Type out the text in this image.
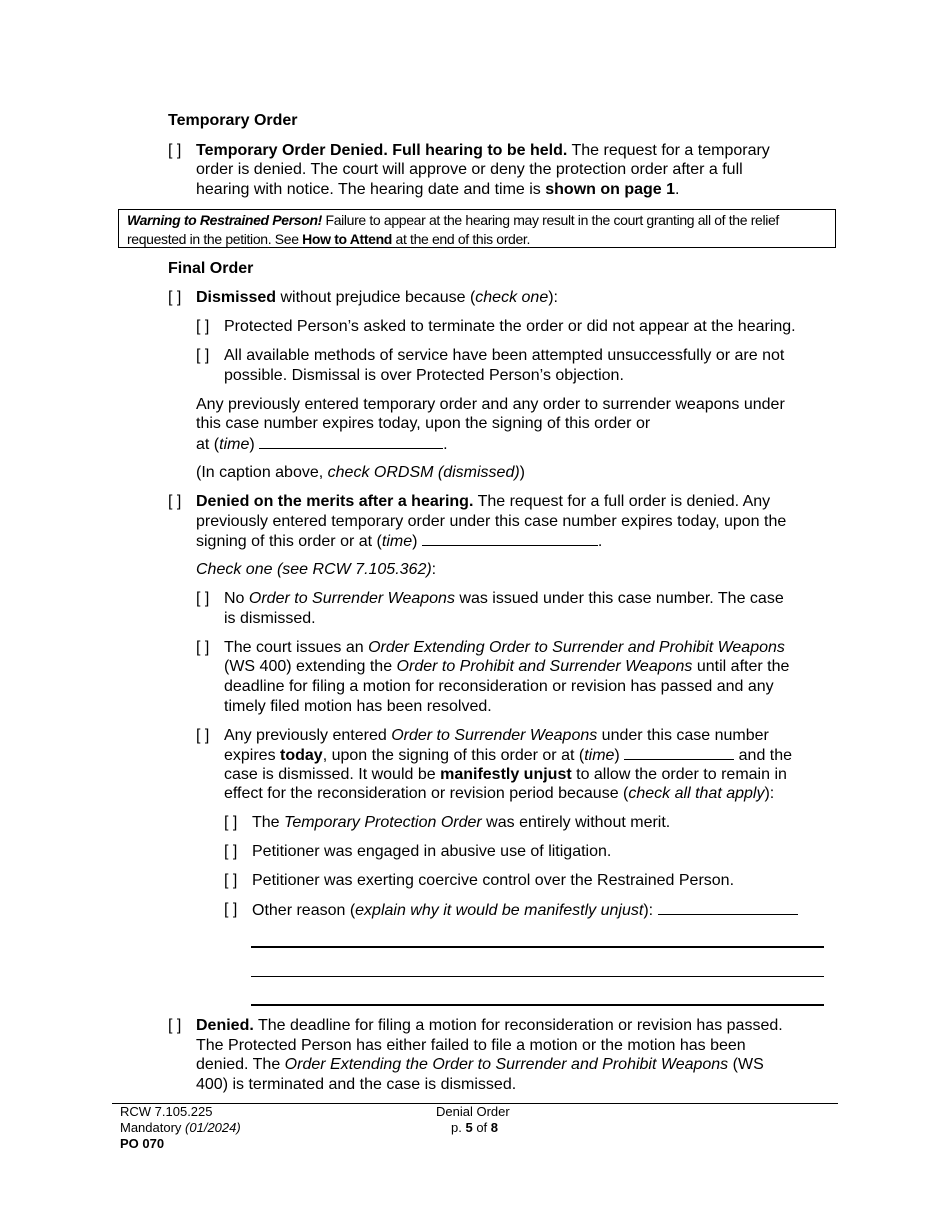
Temporary Order
[ ] Temporary Order Denied. Full hearing to be held. The request for a temporary
order is denied. The court will approve or deny the protection order after a full
hearing with notice. The hearing date and time is shown on page 1.
Warning to Restrained Person! Failure to appear at the hearing may result in the court granting all of the relief
requested in the petition. See How to Attend at the end of this order.
Final Order
[ ] Dismissed without prejudice because (check one):
[ ] Protected Person’s asked to terminate the order or did not appear at the hearing.
[ ] All available methods of service have been attempted unsuccessfully or are not
possible. Dismissal is over Protected Person’s objection.
Any previously entered temporary order and any order to surrender weapons under
this case number expires today, upon the signing of this order or
at (time)	.
(In caption above, check ORDSM (dismissed))
[ ] Denied on the merits after a hearing. The request for a full order is denied. Any
previously entered temporary order under this case number expires today, upon the
signing of this order or at (time)	.
Check one (see RCW 7.105.362):
[ ] No Order to Surrender Weapons was issued under this case number. The case
is dismissed.
[ ] The court issues an Order Extending Order to Surrender and Prohibit Weapons
(WS 400) extending the Order to Prohibit and Surrender Weapons until after the
deadline for filing a motion for reconsideration or revision has passed and any
timely filed motion has been resolved.
[ ] Any previously entered Order to Surrender Weapons under this case number
expires today, upon the signing of this order or at (time)	and the
case is dismissed. It would be manifestly unjust to allow the order to remain in
effect for the reconsideration or revision period because (check all that apply):
[ ] The Temporary Protection Order was entirely without merit.
[ ] Petitioner was engaged in abusive use of litigation.
[ ] Petitioner was exerting coercive control over the Restrained Person.
[ ] Other reason (explain why it would be manifestly unjust):
[ ] Denied. The deadline for filing a motion for reconsideration or revision has passed.
The Protected Person has either failed to file a motion or the motion has been
denied. The Order Extending the Order to Surrender and Prohibit Weapons (WS
400) is terminated and the case is dismissed.
RCW 7.105.225
Mandatory (01/2024)
PO 070
Denial Order
p. 5 of 8
